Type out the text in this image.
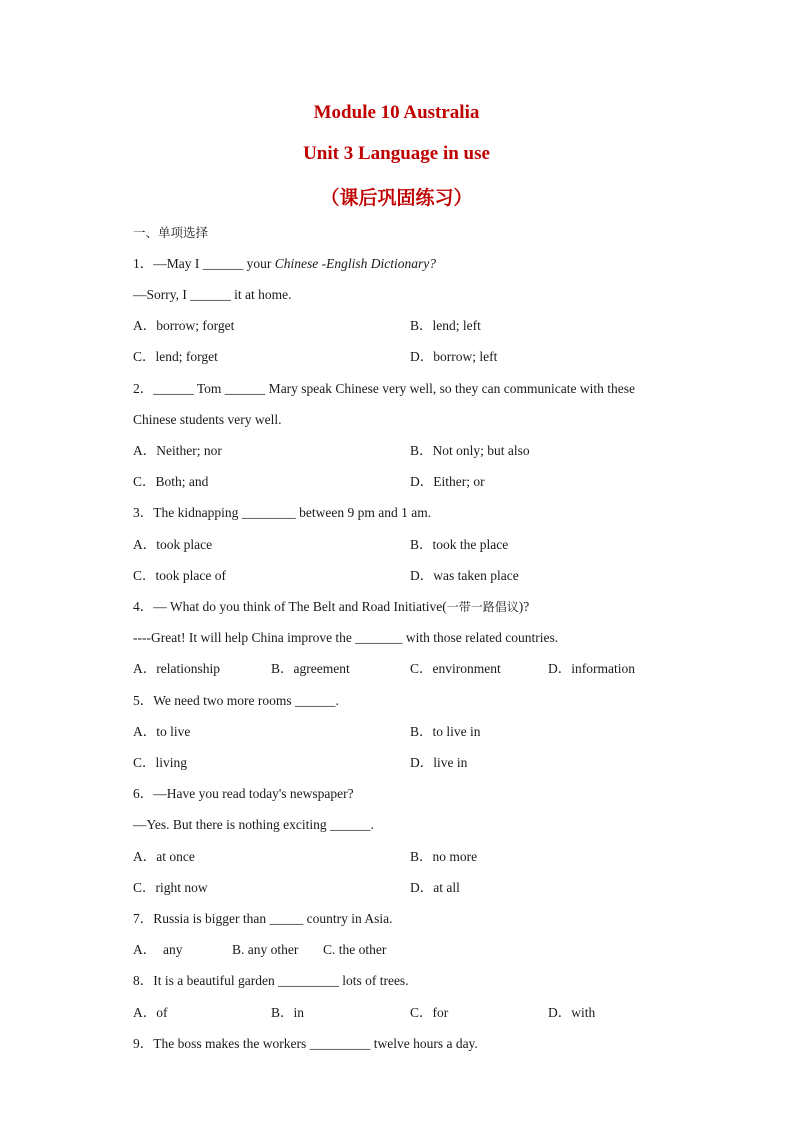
Module 10 Australia
Unit 3 Language in use
（课后巩固练习）
一、单项选择
1．—May I ______ your Chinese -English Dictionary?
—Sorry, I ______ it at home.
A．borrow; forget	B．lend; left
C．lend; forget	D．borrow; left
2．______ Tom ______ Mary speak Chinese very well, so they can communicate with these
Chinese students very well.
A．Neither; nor	B．Not only; but also
C．Both; and	D．Either; or
3．The kidnapping ________ between 9 pm and 1 am.
A．took place	B．took the place
C．took place of	D．was taken place
4．— What do you think of The Belt and Road Initiative(一带一路倡议)?
----Great! It will help China improve the _______ with those related countries.
A．relationship	B．agreement	C．environment	D．information
5．We need two more rooms ______.
A．to live	B．to live in
C．living	D．live in
6．—Have you read today's newspaper?
—Yes. But there is nothing exciting ______.
A．at once	B．no more
C．right now	D．at all
7．Russia is bigger than _____ country in Asia.
A．  any	B. any other C. the other
8．It is a beautiful garden _________ lots of trees.
A．of	B．in	C．for	D．with
9．The boss makes the workers _________ twelve hours a day.
